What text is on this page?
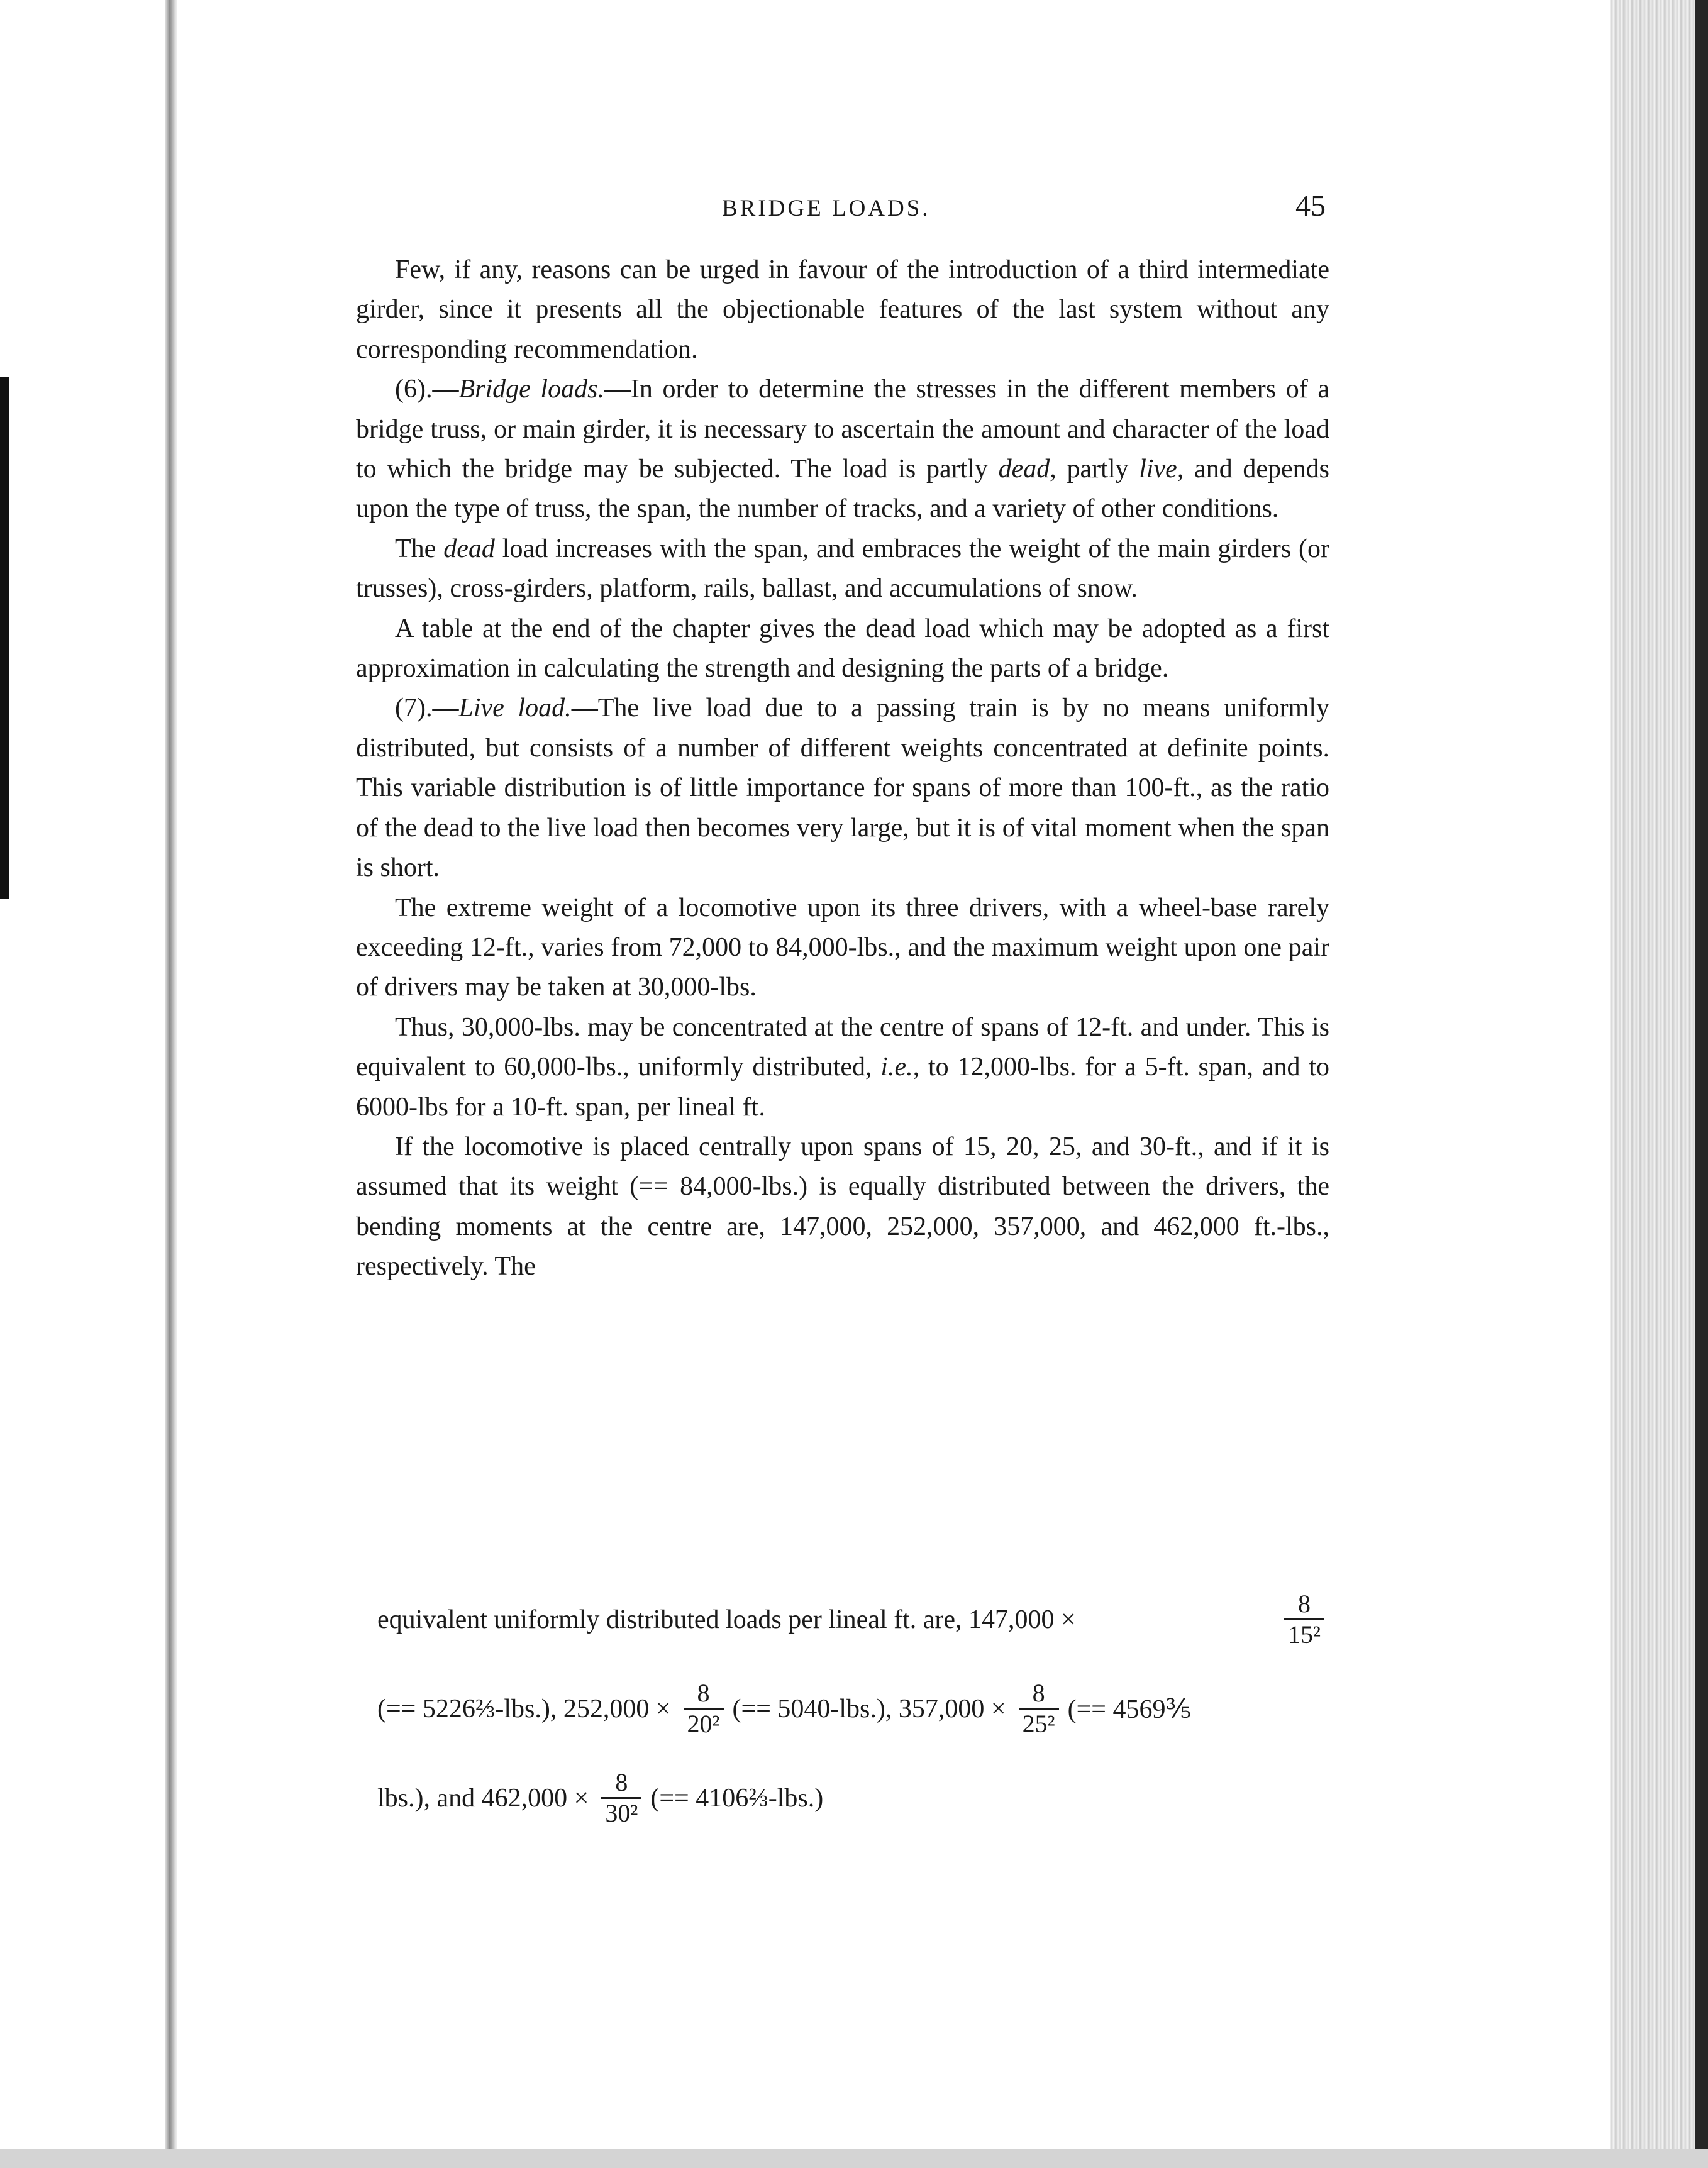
BRIDGE LOADS.	45

Few, if any, reasons can be urged in favour of the introduction of a third intermediate girder, since it presents all the objectionable features of the last system without any corresponding recommendation.

(6).—Bridge loads.—In order to determine the stresses in the different members of a bridge truss, or main girder, it is necessary to ascertain the amount and character of the load to which the bridge may be subjected. The load is partly dead, partly live, and depends upon the type of truss, the span, the number of tracks, and a variety of other conditions.

The dead load increases with the span, and embraces the weight of the main girders (or trusses), cross-girders, platform, rails, ballast, and accumulations of snow.

A table at the end of the chapter gives the dead load which may be adopted as a first approximation in calculating the strength and designing the parts of a bridge.

(7).—Live load.—The live load due to a passing train is by no means uniformly distributed, but consists of a number of different weights concentrated at definite points. This variable distribution is of little importance for spans of more than 100-ft., as the ratio of the dead to the live load then becomes very large, but it is of vital moment when the span is short.

The extreme weight of a locomotive upon its three drivers, with a wheel-base rarely exceeding 12-ft., varies from 72,000 to 84,000-lbs., and the maximum weight upon one pair of drivers may be taken at 30,000-lbs.

Thus, 30,000-lbs. may be concentrated at the centre of spans of 12-ft. and under. This is equivalent to 60,000-lbs., uniformly distributed, i.e., to 12,000-lbs. for a 5-ft. span, and to 6000-lbs for a 10-ft. span, per lineal ft.

If the locomotive is placed centrally upon spans of 15, 20, 25, and 30-ft., and if it is assumed that its weight (== 84,000-lbs.) is equally distributed between the drivers, the bending moments at the centre are, 147,000, 252,000, 357,000, and 462,000 ft.-lbs., respectively. The

equivalent uniformly distributed loads per lineal ft. are, 147,000 ×	$\frac{8}{\text{15²}}$
(== 5226⅔-lbs.), $252,000 \times \frac{8}{\text{20²}}$ (== 5040-lbs.), $357,000 \times \frac{8}{\text{25²}}$ (== 4569⅗
lbs.), and $462,000 \times \frac{8}{\text{30²}}$ (== 4106⅔-lbs.)
